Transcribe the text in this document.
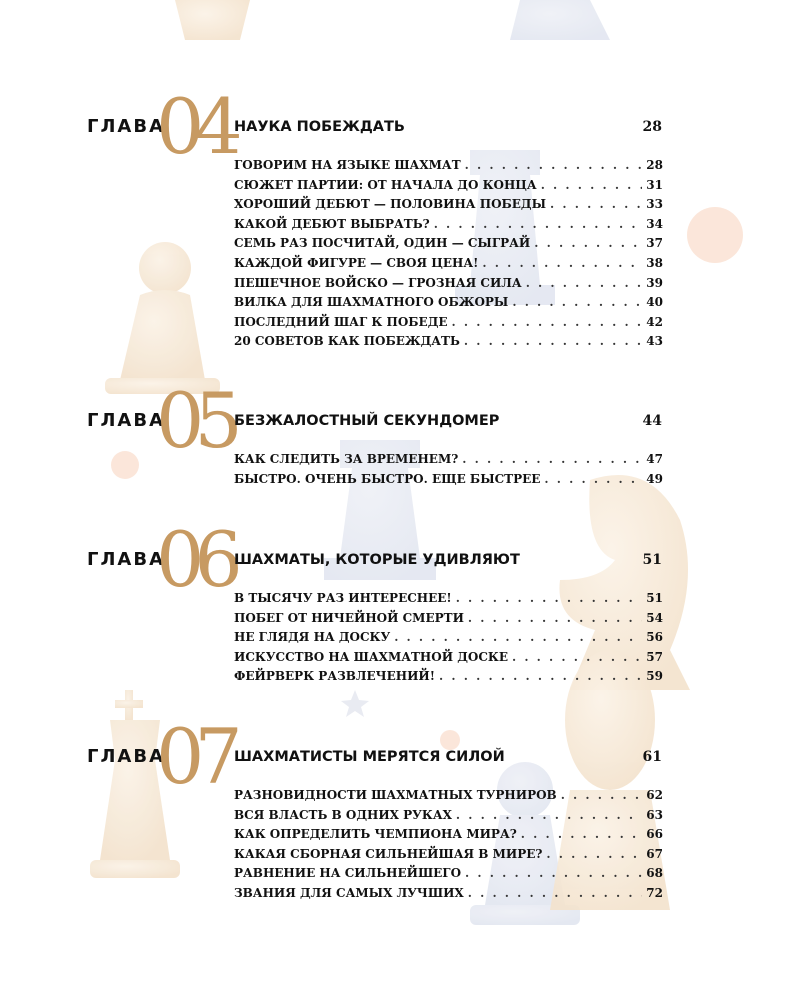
ГЛАВА
04 НАУКА ПОБЕЖДАТЬ	28
ГОВОРИМ НА ЯЗЫКЕ ШАХМАТ . . .	28
СЮЖЕТ ПАРТИИ: ОТ НАЧАЛА ДО КОНЦА . . .	31
ХОРОШИЙ ДЕБЮТ — ПОЛОВИНА ПОБЕДЫ . . .	33
КАКОЙ ДЕБЮТ ВЫБРАТЬ? . . .	34
СЕМЬ РАЗ ПОСЧИТАЙ, ОДИН — СЫГРАЙ . . .	37
КАЖДОЙ ФИГУРЕ — СВОЯ ЦЕНА! . . .	38
ПЕШЕЧНОЕ ВОЙСКО — ГРОЗНАЯ СИЛА . . .	39
ВИЛКА ДЛЯ ШАХМАТНОГО ОБЖОРЫ . . .	40
ПОСЛЕДНИЙ ШАГ К ПОБЕДЕ . . .	42
20 СОВЕТОВ КАК ПОБЕЖДАТЬ . . .	43
ГЛАВА
05 БЕЗЖАЛОСТНЫЙ СЕКУНДОМЕР	44
КАК СЛЕДИТЬ ЗА ВРЕМЕНЕМ? . . .	47
БЫСТРО. ОЧЕНЬ БЫСТРО. ЕЩЕ БЫСТРЕЕ . . .	49
ГЛАВА
06 ШАХМАТЫ, КОТОРЫЕ УДИВЛЯЮТ	51
В ТЫСЯЧУ РАЗ ИНТЕРЕСНЕЕ! . . .	51
ПОБЕГ ОТ НИЧЕЙНОЙ СМЕРТИ . . .	54
НЕ ГЛЯДЯ НА ДОСКУ . . .	56
ИСКУССТВО НА ШАХМАТНОЙ ДОСКЕ . . .	57
ФЕЙРВЕРК РАЗВЛЕЧЕНИЙ! . . .	59
ГЛАВА
07 ШАХМАТИСТЫ МЕРЯТСЯ СИЛОЙ	61
РАЗНОВИДНОСТИ ШАХМАТНЫХ ТУРНИРОВ . . .	62
ВСЯ ВЛАСТЬ В ОДНИХ РУКАХ . . .	63
КАК ОПРЕДЕЛИТЬ ЧЕМПИОНА МИРА? . . .	66
КАКАЯ СБОРНАЯ СИЛЬНЕЙШАЯ В МИРЕ? . . .	67
РАВНЕНИЕ НА СИЛЬНЕЙШЕГО . . .	68
ЗВАНИЯ ДЛЯ САМЫХ ЛУЧШИХ . . .	72
